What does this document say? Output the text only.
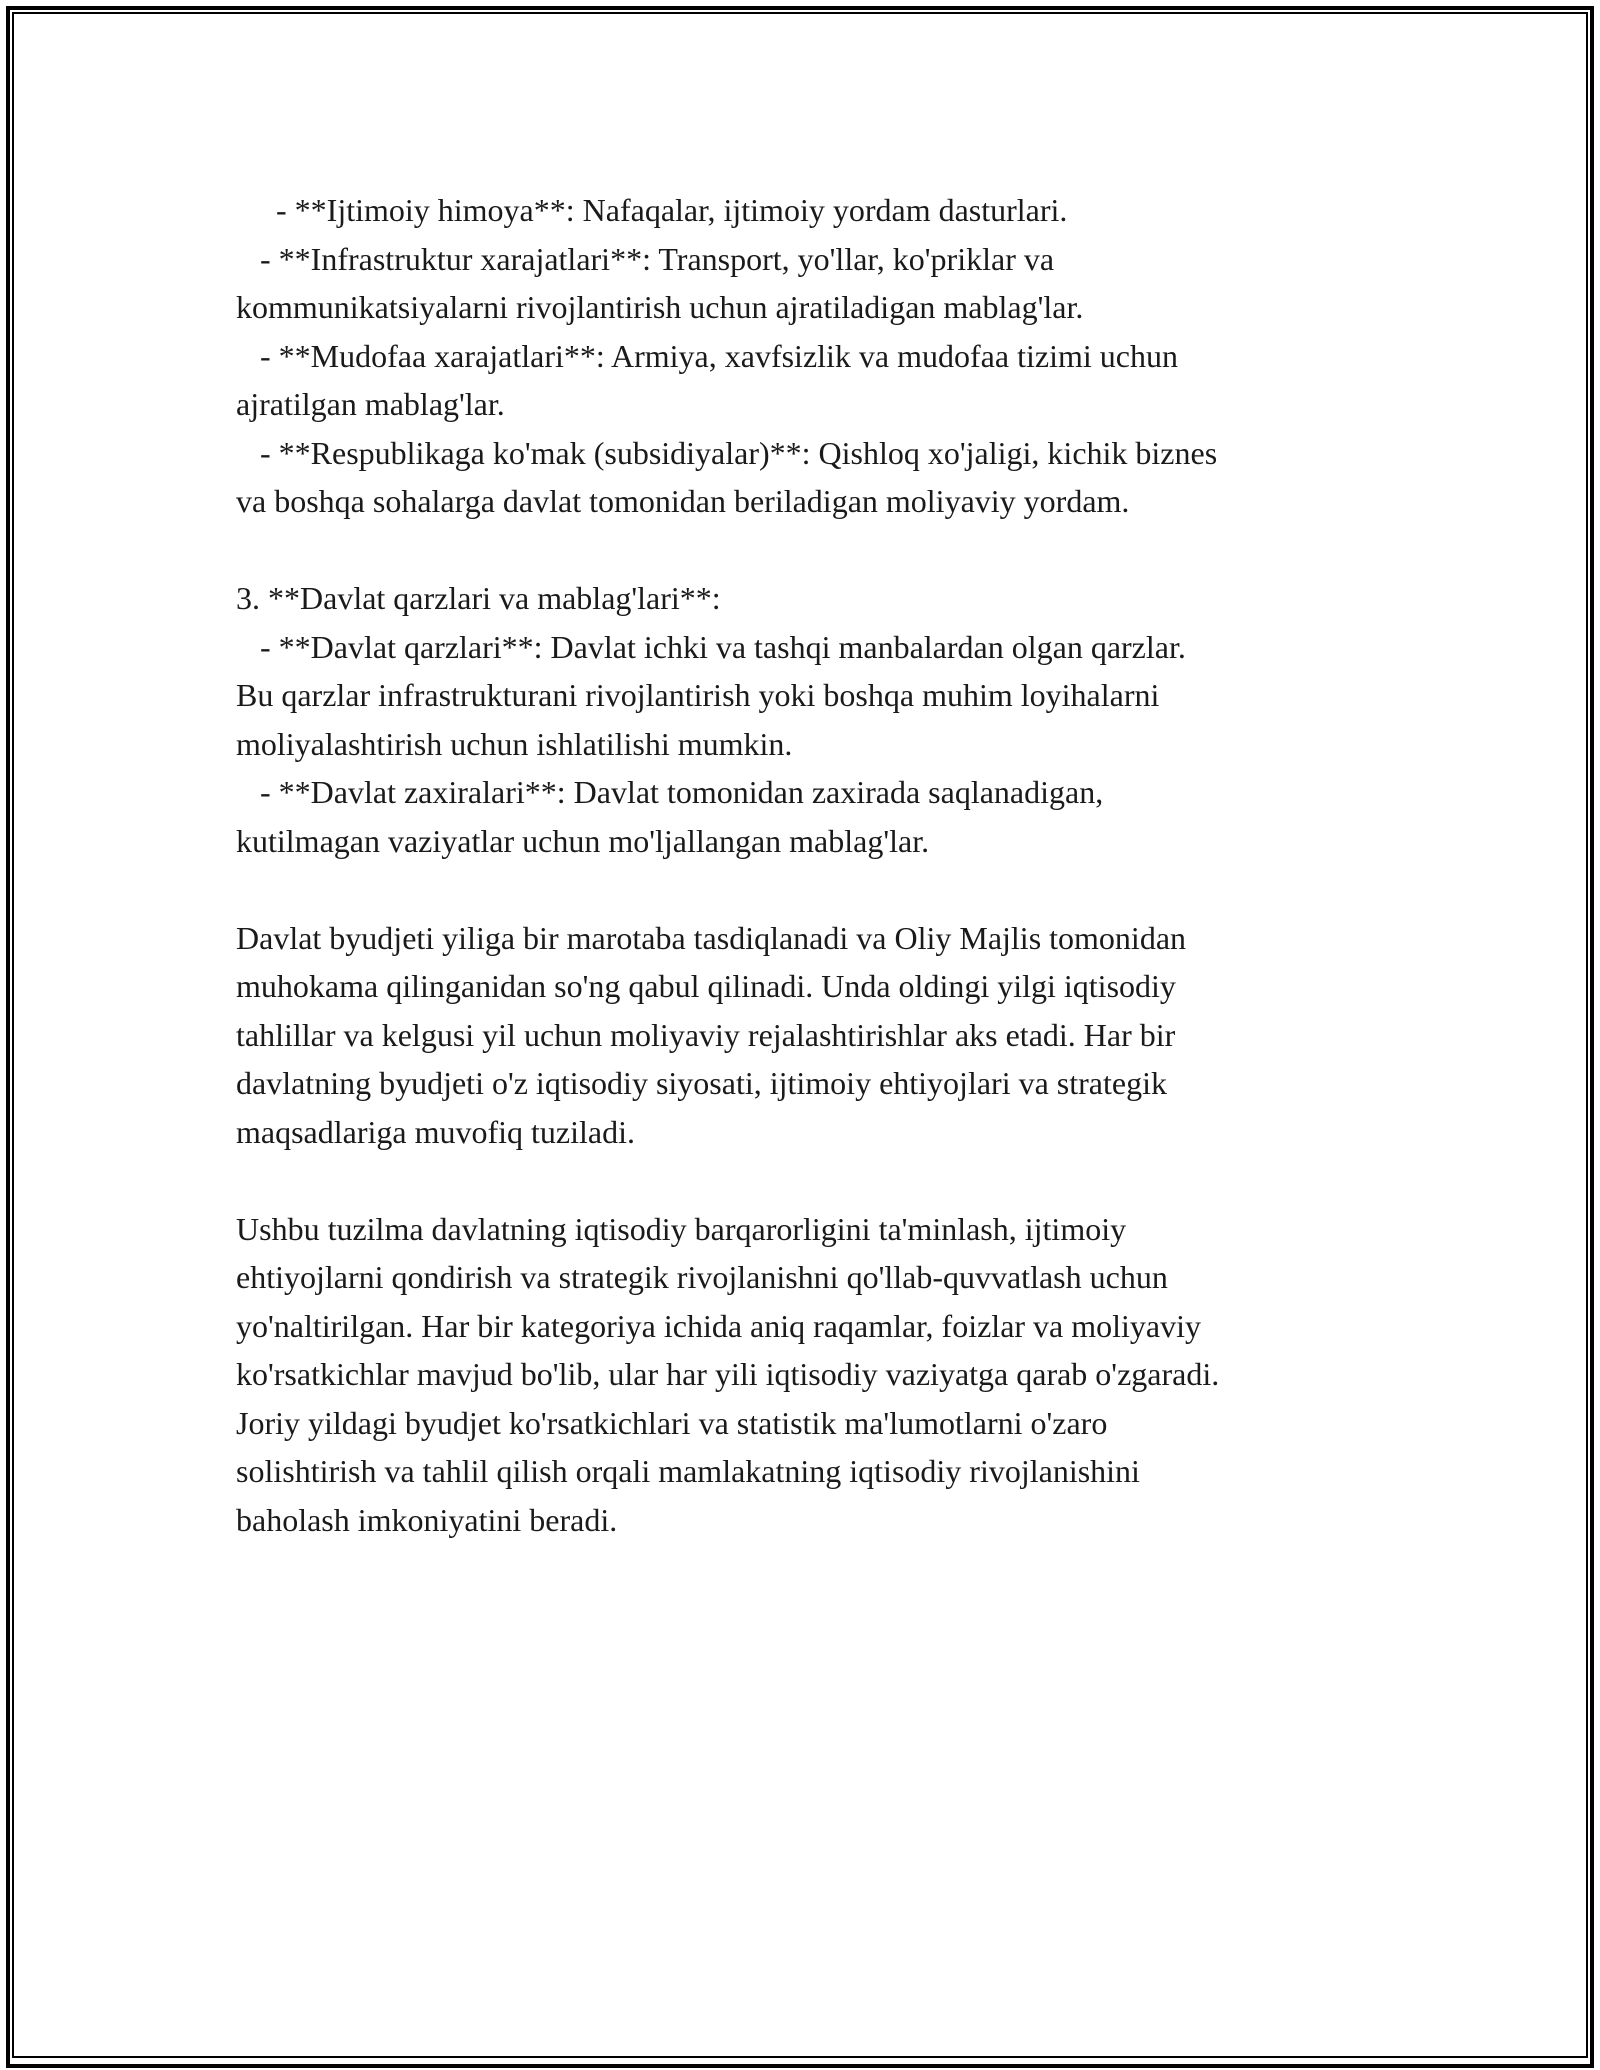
- **Ijtimoiy himoya**: Nafaqalar, ijtimoiy yordam dasturlari.
- **Infrastruktur xarajatlari**: Transport, yo'llar, ko'priklar va
kommunikatsiyalarni rivojlantirish uchun ajratiladigan mablag'lar.
- **Mudofaa xarajatlari**: Armiya, xavfsizlik va mudofaa tizimi uchun
ajratilgan mablag'lar.
- **Respublikaga ko'mak (subsidiyalar)**: Qishloq xo'jaligi, kichik biznes
va boshqa sohalarga davlat tomonidan beriladigan moliyaviy yordam.
3. **Davlat qarzlari va mablag'lari**:
- **Davlat qarzlari**: Davlat ichki va tashqi manbalardan olgan qarzlar.
Bu qarzlar infrastrukturani rivojlantirish yoki boshqa muhim loyihalarni
moliyalashtirish uchun ishlatilishi mumkin.
- **Davlat zaxiralari**: Davlat tomonidan zaxirada saqlanadigan,
kutilmagan vaziyatlar uchun mo'ljallangan mablag'lar.
Davlat byudjeti yiliga bir marotaba tasdiqlanadi va Oliy Majlis tomonidan
muhokama qilinganidan so'ng qabul qilinadi. Unda oldingi yilgi iqtisodiy
tahlillar va kelgusi yil uchun moliyaviy rejalashtirishlar aks etadi. Har bir
davlatning byudjeti o'z iqtisodiy siyosati, ijtimoiy ehtiyojlari va strategik
maqsadlariga muvofiq tuziladi.
Ushbu tuzilma davlatning iqtisodiy barqarorligini ta'minlash, ijtimoiy
ehtiyojlarni qondirish va strategik rivojlanishni qo'llab-quvvatlash uchun
yo'naltirilgan. Har bir kategoriya ichida aniq raqamlar, foizlar va moliyaviy
ko'rsatkichlar mavjud bo'lib, ular har yili iqtisodiy vaziyatga qarab o'zgaradi.
Joriy yildagi byudjet ko'rsatkichlari va statistik ma'lumotlarni o'zaro
solishtirish va tahlil qilish orqali mamlakatning iqtisodiy rivojlanishini
baholash imkoniyatini beradi.
